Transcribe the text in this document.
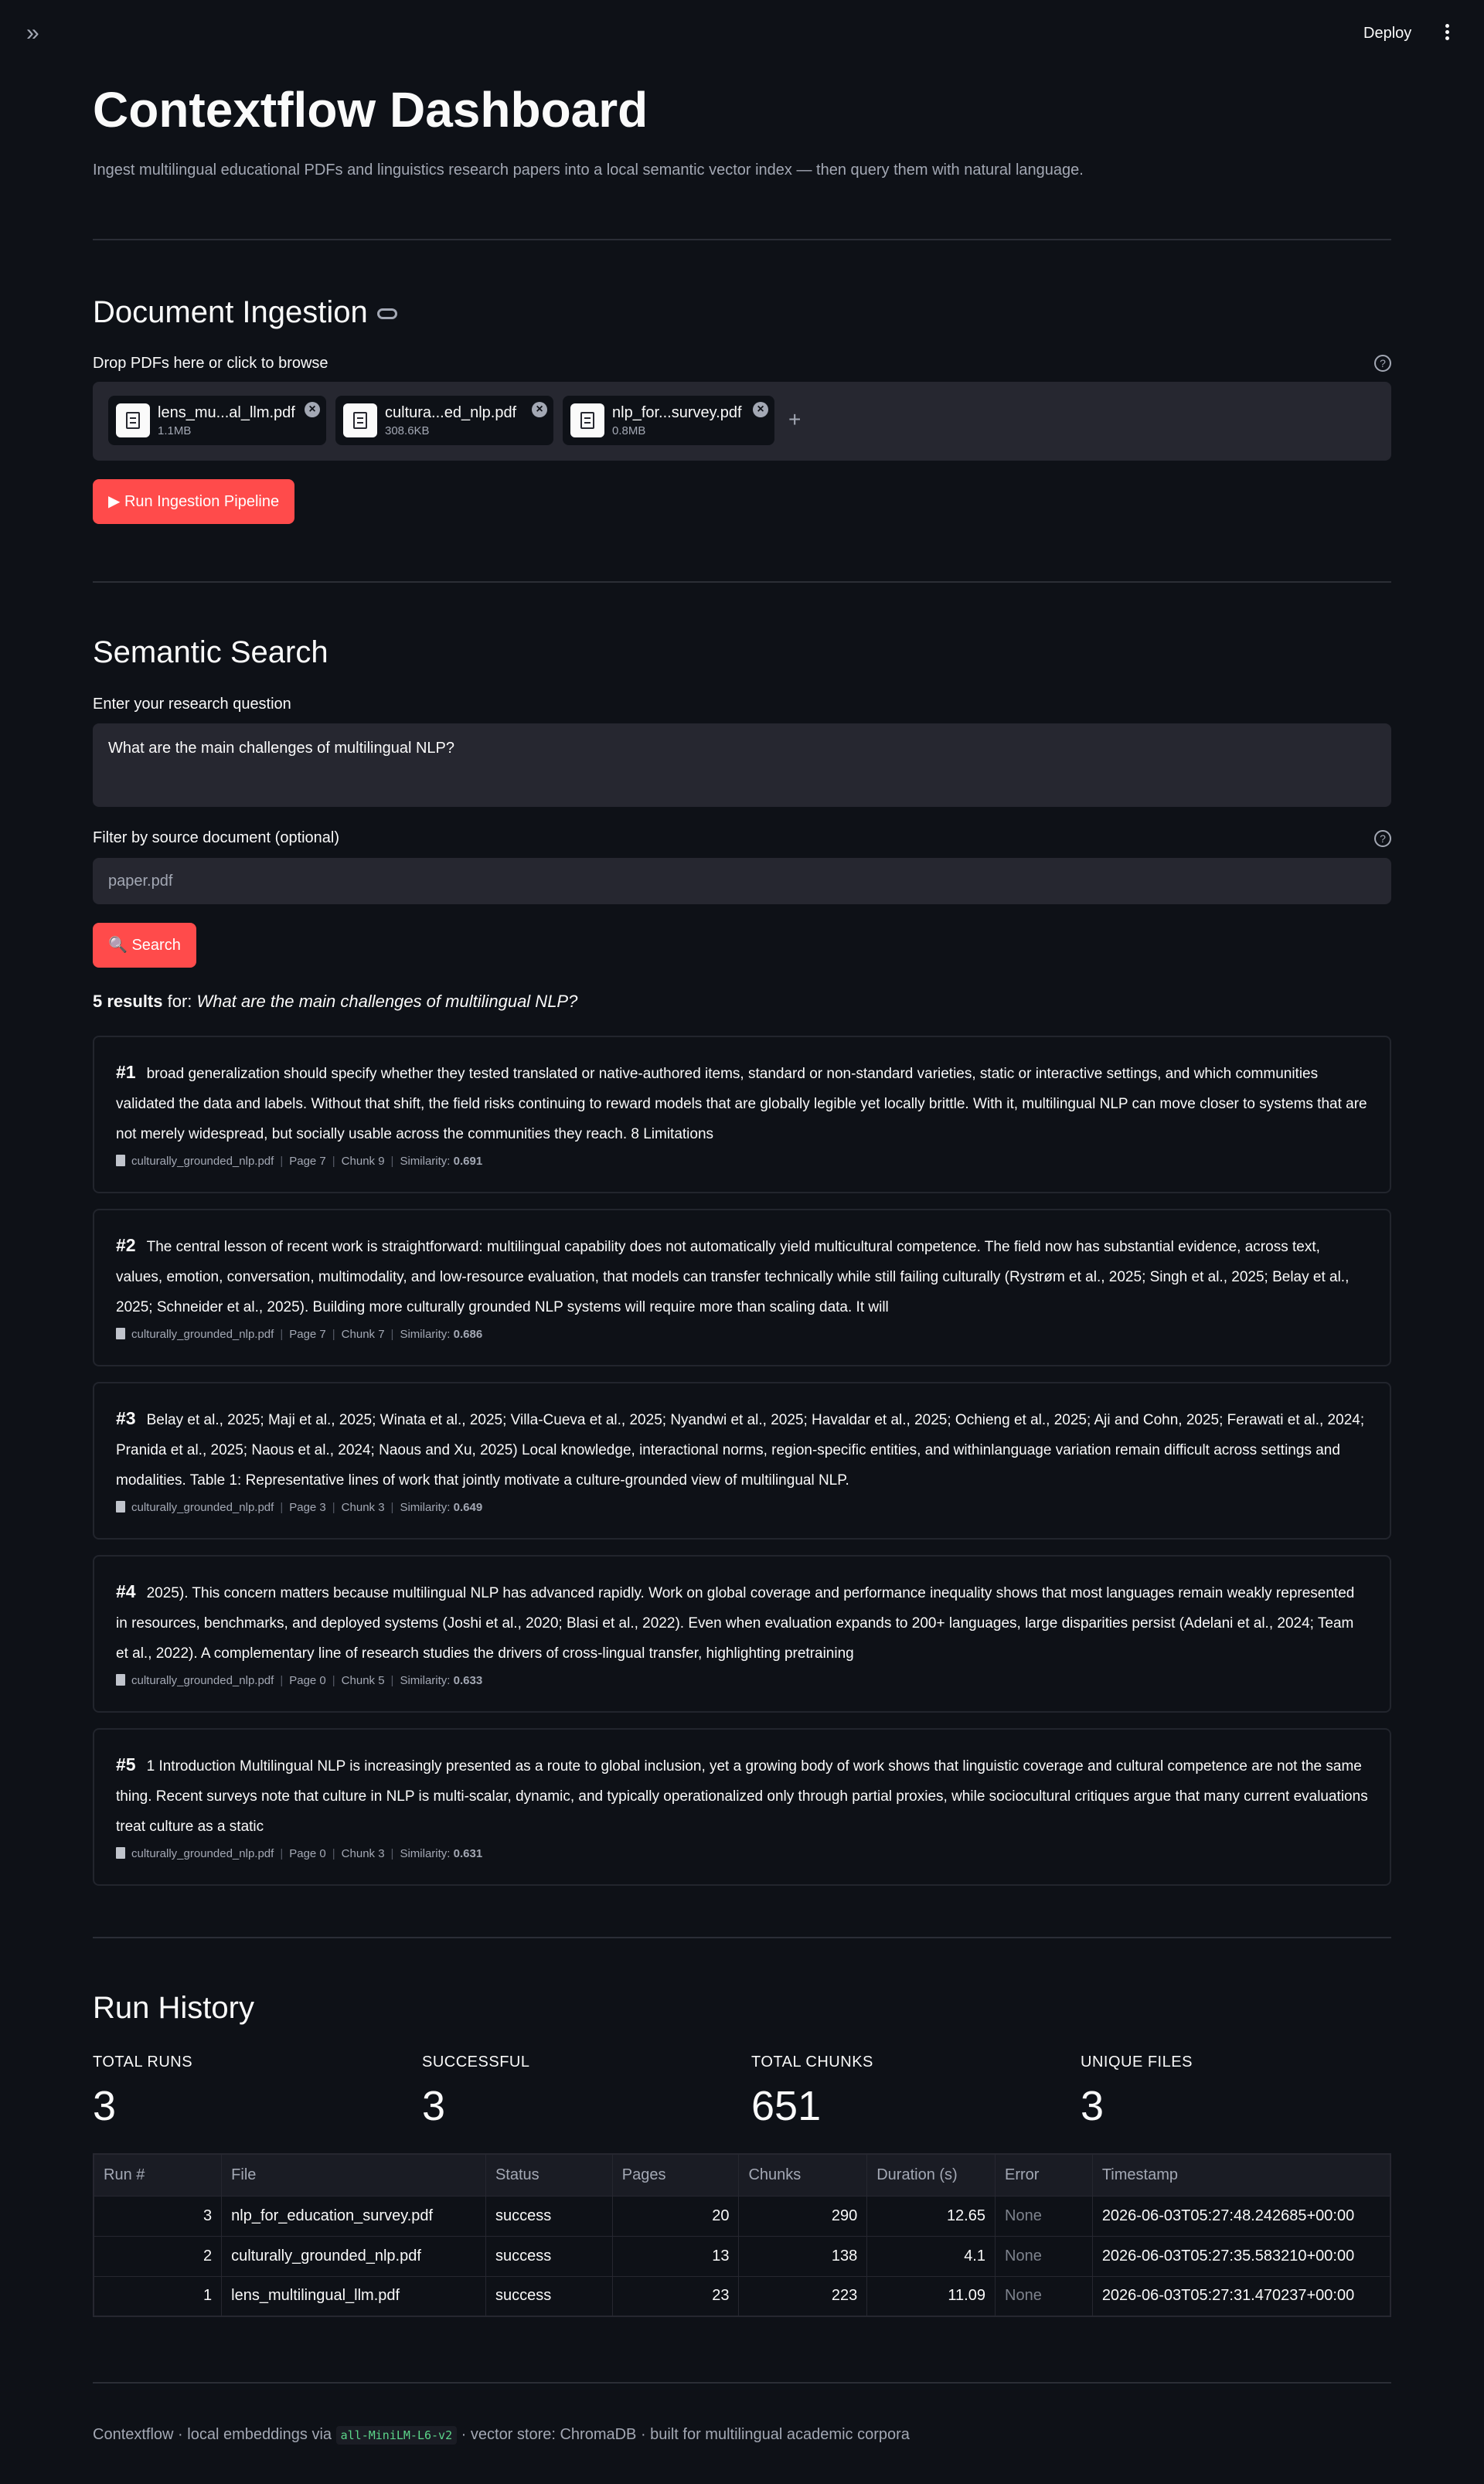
»	Deploy
Contextflow Dashboard
Ingest multilingual educational PDFs and linguistics research papers into a local semantic vector index — then query them with natural language.
Document Ingestion
Drop PDFs here or click to browse	?
lens_mu...al_llm.pdf
1.1MB
×	cultura...ed_nlp.pdf
308.6KB
×	nlp_for...survey.pdf
0.8MB
× +
▶ Run Ingestion Pipeline
Semantic Search
Enter your research question
What are the main challenges of multilingual NLP?
Filter by source document (optional)	?
paper.pdf
🔍 Search
5 results for: What are the main challenges of multilingual NLP?
#1 broad generalization should specify whether they tested translated or native-authored items, standard or non-standard varieties, static or interactive settings, and which communities validated the data and labels. Without that shift, the field risks continuing to reward models that are globally legible yet locally brittle. With it, multilingual NLP can move closer to systems that are not merely widespread, but socially usable across the communities they reach. 8 Limitations
culturally_grounded_nlp.pdf | Page 7 | Chunk 9 | Similarity: 0.691
#2 The central lesson of recent work is straightforward: multilingual capability does not automatically yield multicultural competence. The field now has substantial evidence, across text, values, emotion, conversation, multimodality, and low-resource evaluation, that models can transfer technically while still failing culturally (Rystrøm et al., 2025; Singh et al., 2025; Belay et al., 2025; Schneider et al., 2025). Building more culturally grounded NLP systems will require more than scaling data. It will
culturally_grounded_nlp.pdf | Page 7 | Chunk 7 | Similarity: 0.686
#3 Belay et al., 2025; Maji et al., 2025; Winata et al., 2025; Villa-Cueva et al., 2025; Nyandwi et al., 2025; Havaldar et al., 2025; Ochieng et al., 2025; Aji and Cohn, 2025; Ferawati et al., 2024; Pranida et al., 2025; Naous et al., 2024; Naous and Xu, 2025) Local knowledge, interactional norms, region-specific entities, and withinlanguage variation remain difficult across settings and modalities. Table 1: Representative lines of work that jointly motivate a culture-grounded view of multilingual NLP.
culturally_grounded_nlp.pdf | Page 3 | Chunk 3 | Similarity: 0.649
#4 2025). This concern matters because multilingual NLP has advanced rapidly. Work on global coverage and performance inequality shows that most languages remain weakly represented in resources, benchmarks, and deployed systems (Joshi et al., 2020; Blasi et al., 2022). Even when evaluation expands to 200+ languages, large disparities persist (Adelani et al., 2024; Team et al., 2022). A complementary line of research studies the drivers of cross-lingual transfer, highlighting pretraining
culturally_grounded_nlp.pdf | Page 0 | Chunk 5 | Similarity: 0.633
#5 1 Introduction Multilingual NLP is increasingly presented as a route to global inclusion, yet a growing body of work shows that linguistic coverage and cultural competence are not the same thing. Recent surveys note that culture in NLP is multi-scalar, dynamic, and typically operationalized only through partial proxies, while sociocultural critiques argue that many current evaluations treat culture as a static
culturally_grounded_nlp.pdf | Page 0 | Chunk 3 | Similarity: 0.631
Run History
TOTAL RUNS
3
SUCCESSFUL
3
TOTAL CHUNKS
651
UNIQUE FILES
3
Run #	File	Status	Pages	Chunks	Duration (s)	Error	Timestamp
3	nlp_for_education_survey.pdf	success	20	290	12.65	None	2026-06-03T05:27:48.242685+00:00
2	culturally_grounded_nlp.pdf	success	13	138	4.1	None	2026-06-03T05:27:35.583210+00:00
1	lens_multilingual_llm.pdf	success	23	223	11.09	None	2026-06-03T05:27:31.470237+00:00
Contextflow · local embeddings via all-MiniLM-L6-v2 · vector store: ChromaDB · built for multilingual academic corpora
